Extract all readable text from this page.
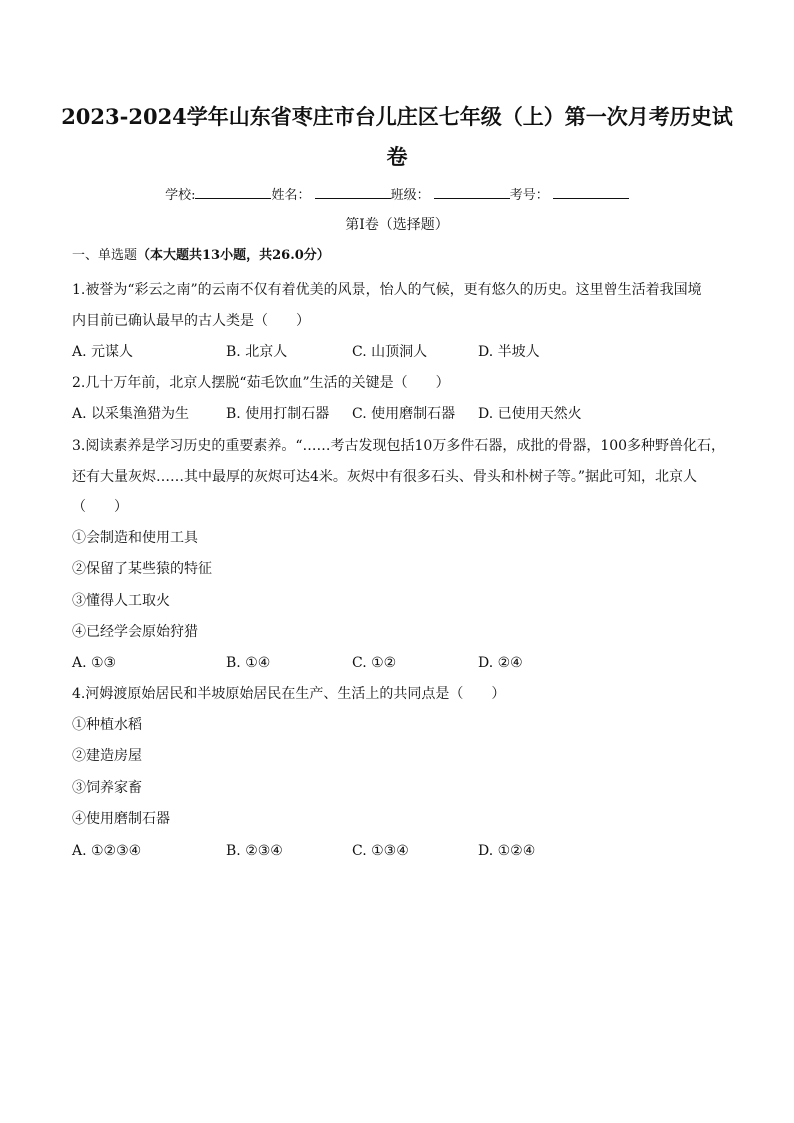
2023-2024学年山东省枣庄市台儿庄区七年级（上）第一次月考历史试
卷
学校:	姓名：	班级：	考号：
第Ⅰ卷（选择题）
一、单选题（本大题共13小题，共26.0分）
1.被誉为“彩云之南”的云南不仅有着优美的风景，怡人的气候，更有悠久的历史。这里曾生活着我国境
内目前已确认最早的古人类是（　　）
A. 元谋人	B. 北京人	C. 山顶洞人	D. 半坡人
2.几十万年前，北京人摆脱“茹毛饮血”生活的关键是（　　）
A. 以采集渔猎为生	B. 使用打制石器 C. 使用磨制石器 D. 已使用天然火
3.阅读素养是学习历史的重要素养。“……考古发现包括10万多件石器，成批的骨器，100多种野兽化石，
还有大量灰烬……其中最厚的灰烬可达4米。灰烬中有很多石头、骨头和朴树子等。”据此可知，北京人
（　　）
①会制造和使用工具
②保留了某些猿的特征
③懂得人工取火
④已经学会原始狩猎
A. ①③	B. ①④	C. ①②	D. ②④
4.河姆渡原始居民和半坡原始居民在生产、生活上的共同点是（　　）
①种植水稻
②建造房屋
③饲养家畜
④使用磨制石器
A. ①②③④	B. ②③④	C. ①③④	D. ①②④
